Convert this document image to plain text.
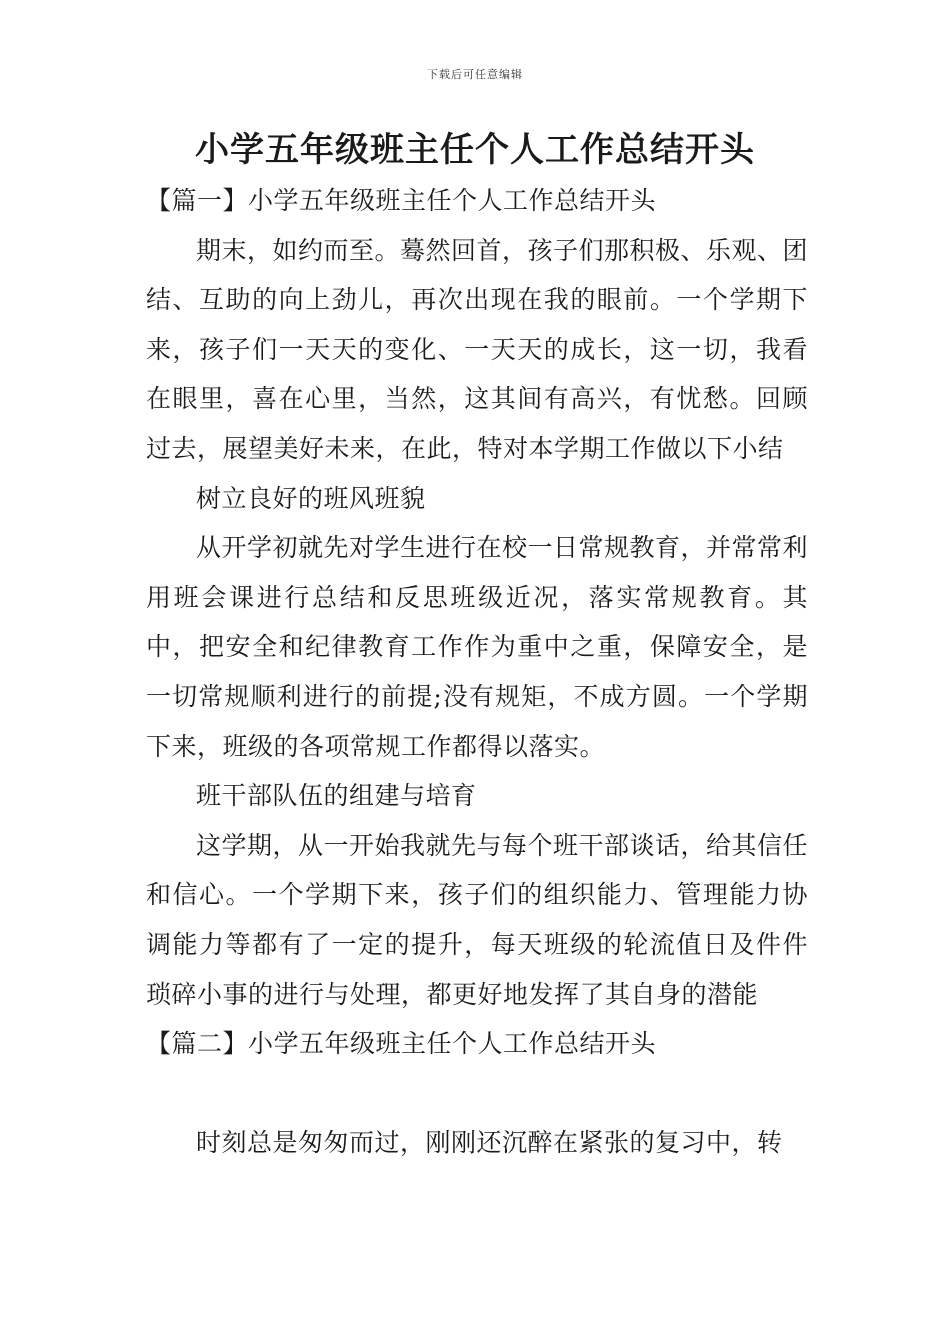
下载后可任意编辑
小学五年级班主任个人工作总结开头

【篇一】小学五年级班主任个人工作总结开头

期末，如约而至。蓦然回首，孩子们那积极、乐观、团结、互助的向上劲儿，再次出现在我的眼前。一个学期下来，孩子们一天天的变化、一天天的成长，这一切，我看在眼里，喜在心里，当然，这其间有高兴，有忧愁。回顾过去，展望美好未来，在此，特对本学期工作做以下小结

树立良好的班风班貌

从开学初就先对学生进行在校一日常规教育，并常常利用班会课进行总结和反思班级近况，落实常规教育。其中，把安全和纪律教育工作作为重中之重，保障安全，是一切常规顺利进行的前提;没有规矩，不成方圆。一个学期下来，班级的各项常规工作都得以落实。

班干部队伍的组建与培育

这学期，从一开始我就先与每个班干部谈话，给其信任和信心。一个学期下来，孩子们的组织能力、管理能力协调能力等都有了一定的提升，每天班级的轮流值日及件件琐碎小事的进行与处理，都更好地发挥了其自身的潜能

【篇二】小学五年级班主任个人工作总结开头

时刻总是匆匆而过，刚刚还沉醉在紧张的复习中，转
